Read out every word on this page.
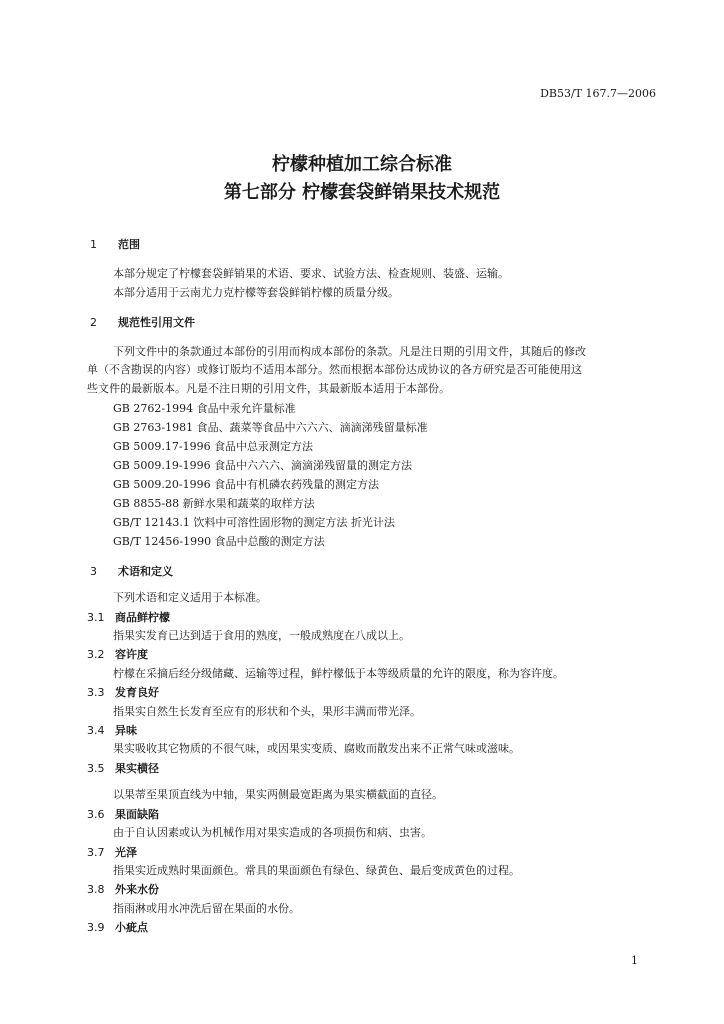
DB53/T 167.7—2006
柠檬种植加工综合标准
第七部分 柠檬套袋鲜销果技术规范
1 范围
本部分规定了柠檬套袋鲜销果的术语、要求、试验方法、检查规则、装盛、运输。
本部分适用于云南尤力克柠檬等套袋鲜销柠檬的质量分级。
2 规范性引用文件
下列文件中的条款通过本部份的引用而构成本部份的条款。凡是注日期的引用文件，其随后的修改
单（不含勘误的内容）或修订版均不适用本部分。然而根据本部份达成协议的各方研究是否可能使用这
些文件的最新版本。凡是不注日期的引用文件，其最新版本适用于本部份。
GB 2762-1994 食品中汞允许量标准
GB 2763-1981 食品、蔬菜等食品中六六六、滴滴涕残留量标准
GB 5009.17-1996 食品中总汞测定方法
GB 5009.19-1996 食品中六六六、滴滴涕残留量的测定方法
GB 5009.20-1996 食品中有机磷农药残量的测定方法
GB 8855-88 新鲜水果和蔬菜的取样方法
GB/T 12143.1 饮料中可溶性固形物的测定方法 折光计法
GB/T 12456-1990 食品中总酸的测定方法
3 术语和定义
下列术语和定义适用于本标准。
3.1 商品鲜柠檬
指果实发育已达到适于食用的熟度，一般成熟度在八成以上。
3.2 容许度
柠檬在采摘后经分级储藏、运输等过程，鲜柠檬低于本等级质量的允许的限度，称为容许度。
3.3 发育良好
指果实自然生长发育至应有的形状和个头，果形丰满而带光泽。
3.4 异味
果实吸收其它物质的不很气味，或因果实变质、腐败而散发出来不正常气味或滋味。
3.5 果实横径
以果蒂至果顶直线为中轴，果实两侧最宽距离为果实横截面的直径。
3.6 果面缺陷
由于自认因素或认为机械作用对果实造成的各项损伤和病、虫害。
3.7 光泽
指果实近成熟时果面颜色。常具的果面颜色有绿色、绿黄色、最后变成黄色的过程。
3.8 外来水份
指雨淋或用水冲洗后留在果面的水份。
3.9 小疵点
1
